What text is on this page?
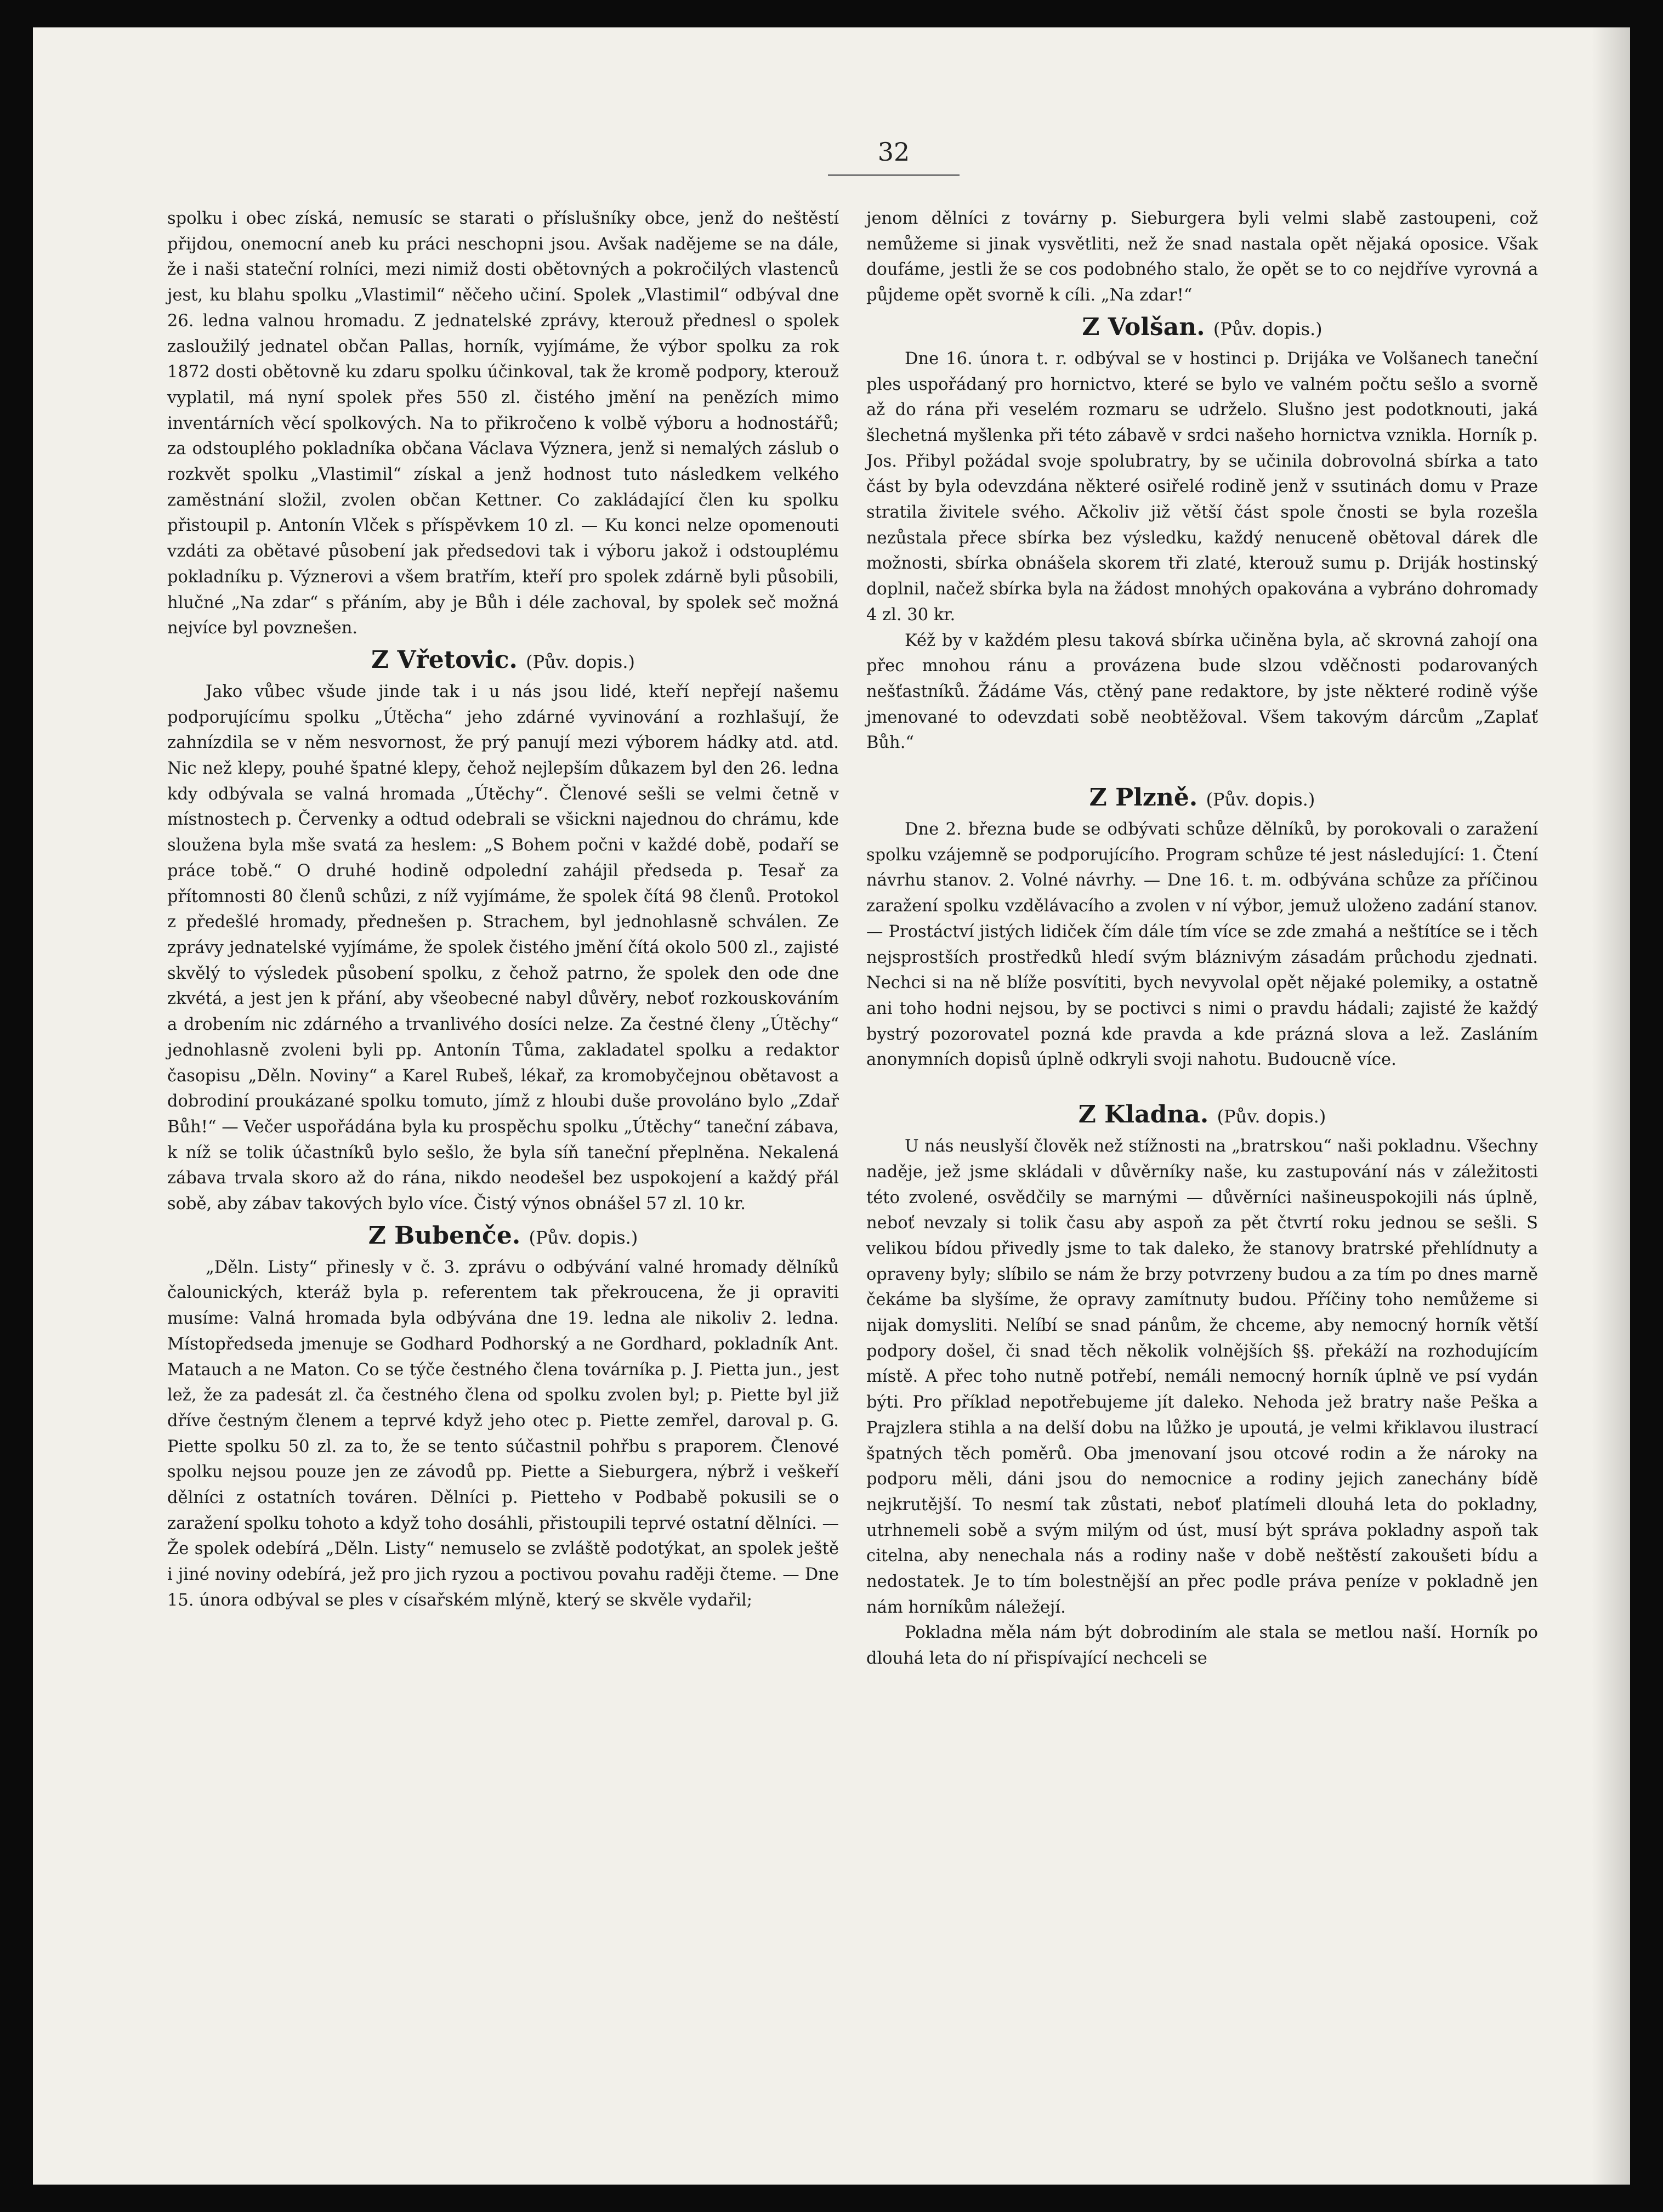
32

spolku i obec získá, nemusíc se starati o příslušníky obce, jenž do neštěstí přijdou, onemocní aneb ku práci neschopni jsou. Avšak nadějeme se na dále, že i naši stateční rolníci, mezi nimiž dosti obětovných a pokročilých vlastenců jest, ku blahu spolku „Vlastimil“ něčeho učiní. Spolek „Vlastimil“ odbýval dne 26. ledna valnou hromadu. Z jednatelské zprávy, kterouž přednesl o spolek zasloužilý jednatel občan Pallas, horník, vyjímáme, že výbor spolku za rok 1872 dosti obětovně ku zdaru spolku účinkoval, tak že kromě podpory, kterouž vyplatil, má nyní spolek přes 550 zl. čistého jmění na penězích mimo inventárních věcí spolkových. Na to přikročeno k volbě výboru a hodnostářů; za odstouplého pokladníka občana Václava Význera, jenž si nemalých záslub o rozkvět spolku „Vlastimil“ získal a jenž hodnost tuto následkem velkého zaměstnání složil, zvolen občan Kettner. Co zakládající člen ku spolku přistoupil p. Antonín Vlček s příspěvkem 10 zl. — Ku konci nelze opomenouti vzdáti za obětavé působení jak předsedovi tak i výboru jakož i odstouplému pokladníku p. Význerovi a všem bratřím, kteří pro spolek zdárně byli působili, hlučné „Na zdar“ s přáním, aby je Bůh i déle zachoval, by spolek seč možná nejvíce byl povznešen.

Z Vřetovic. (Pův. dopis.)

Jako vůbec všude jinde tak i u nás jsou lidé, kteří nepřejí našemu podporujícímu spolku „Útěcha“ jeho zdárné vyvinování a rozhlašují, že zahnízdila se v něm nesvornost, že prý panují mezi výborem hádky atd. atd. Nic než klepy, pouhé špatné klepy, čehož nejlepším důkazem byl den 26. ledna kdy odbývala se valná hromada „Útěchy“. Členové sešli se velmi četně v místnostech p. Červenky a odtud odebrali se všickni najednou do chrámu, kde sloužena byla mše svatá za heslem: „S Bohem počni v každé době, podaří se práce tobě.“ O druhé hodině odpolední zahájil předseda p. Tesař za přítomnosti 80 členů schůzi, z níž vyjímáme, že spolek čítá 98 členů. Protokol z předešlé hromady, přednešen p. Strachem, byl jednohlasně schválen. Ze zprávy jednatelské vyjímáme, že spolek čistého jmění čítá okolo 500 zl., zajisté skvělý to výsledek působení spolku, z čehož patrno, že spolek den ode dne zkvétá, a jest jen k přání, aby všeobecné nabyl důvěry, neboť rozkouskováním a drobením nic zdárného a trvanlivého dosíci nelze. Za čestné členy „Útěchy“ jednohlasně zvoleni byli pp. Antonín Tůma, zakladatel spolku a redaktor časopisu „Děln. Noviny“ a Karel Rubeš, lékař, za kromobyčejnou obětavost a dobrodiní proukázané spolku tomuto, jímž z hloubi duše provoláno bylo „Zdař Bůh!“ — Večer uspořádána byla ku prospěchu spolku „Útěchy“ taneční zábava, k níž se tolik účastníků bylo sešlo, že byla síň taneční přeplněna. Nekalená zábava trvala skoro až do rána, nikdo neodešel bez uspokojení a každý přál sobě, aby zábav takových bylo více. Čistý výnos obnášel 57 zl. 10 kr.

Z Bubenče. (Pův. dopis.)

„Děln. Listy“ přinesly v č. 3. zprávu o odbývání valné hromady dělníků čalounických, kteráž byla p. referentem tak překroucena, že ji opraviti musíme: Valná hromada byla odbývána dne 19. ledna ale nikoliv 2. ledna. Místopředseda jmenuje se Godhard Podhorský a ne Gordhard, pokladník Ant. Matauch a ne Maton. Co se týče čestného člena továrníka p. J. Pietta jun., jest lež, že za padesát zl. ča čestného člena od spolku zvolen byl; p. Piette byl již dříve čestným členem a teprvé když jeho otec p. Piette zemřel, daroval p. G. Piette spolku 50 zl. za to, že se tento súčastnil pohřbu s praporem. Členové spolku nejsou pouze jen ze závodů pp. Piette a Sieburgera, nýbrž i veškeří dělníci z ostatních továren. Dělníci p. Pietteho v Podbabě pokusili se o zaražení spolku tohoto a když toho dosáhli, přistoupili teprvé ostatní dělníci. — Že spolek odebírá „Děln. Listy“ nemuselo se zvláště podotýkat, an spolek ještě i jiné noviny odebírá, jež pro jich ryzou a poctivou povahu raději čteme. — Dne 15. února odbýval se ples v císařském mlýně, který se skvěle vydařil;

jenom dělníci z továrny p. Sieburgera byli velmi slabě zastoupeni, což nemůžeme si jinak vysvětliti, než že snad nastala opět nějaká oposice. Však doufáme, jestli že se cos podobného stalo, že opět se to co nejdříve vyrovná a půjdeme opět svorně k cíli. „Na zdar!“

Z Volšan. (Pův. dopis.)

Dne 16. února t. r. odbýval se v hostinci p. Drijáka ve Volšanech taneční ples uspořádaný pro hornictvo, které se bylo ve valném počtu sešlo a svorně až do rána při veselém rozmaru se udrželo. Slušno jest podotknouti, jaká šlechetná myšlenka při této zábavě v srdci našeho hornictva vznikla. Horník p. Jos. Přibyl požádal svoje spolubratry, by se učinila dobrovolná sbírka a tato část by byla odevzdána některé osiřelé rodině jenž v ssutinách domu v Praze stratila živitele svého. Ačkoliv již větší část spole čnosti se byla rozešla nezůstala přece sbírka bez výsledku, každý nenuceně obětoval dárek dle možnosti, sbírka obnášela skorem tři zlaté, kterouž sumu p. Driják hostinský doplnil, načež sbírka byla na žádost mnohých opakována a vybráno dohromady 4 zl. 30 kr.

Kéž by v každém plesu taková sbírka učiněna byla, ač skrovná zahojí ona přec mnohou ránu a provázena bude slzou vděčnosti podarovaných nešťastníků. Žádáme Vás, ctěný pane redaktore, by jste některé rodině výše jmenované to odevzdati sobě neobtěžoval. Všem takovým dárcům „Zaplať Bůh.“

Z Plzně. (Pův. dopis.)

Dne 2. března bude se odbývati schůze dělníků, by porokovali o zaražení spolku vzájemně se podporujícího. Program schůze té jest následující: 1. Čtení návrhu stanov. 2. Volné návrhy. — Dne 16. t. m. odbývána schůze za příčinou zaražení spolku vzdělávacího a zvolen v ní výbor, jemuž uloženo zadání stanov. — Prostáctví jistých lidiček čím dále tím více se zde zmahá a neštítíce se i těch nejsprostších prostředků hledí svým bláznivým zásadám průchodu zjednati. Nechci si na ně blíže posvítiti, bych nevyvolal opět nějaké polemiky, a ostatně ani toho hodni nejsou, by se poctivci s nimi o pravdu hádali; zajisté že každý bystrý pozorovatel pozná kde pravda a kde prázná slova a lež. Zasláním anonymních dopisů úplně odkryli svoji nahotu. Budoucně více.

Z Kladna. (Pův. dopis.)

U nás neuslyší člověk než stížnosti na „bratrskou“ naši pokladnu. Všechny naděje, jež jsme skládali v důvěrníky naše, ku zastupování nás v záležitosti této zvolené, osvědčily se marnými — důvěrníci našineuspokojili nás úplně, neboť nevzaly si tolik času aby aspoň za pět čtvrtí roku jednou se sešli. S velikou bídou přivedly jsme to tak daleko, že stanovy bratrské přehlídnuty a opraveny byly; slíbilo se nám že brzy potvrzeny budou a za tím po dnes marně čekáme ba slyšíme, že opravy zamítnuty budou. Příčiny toho nemůžeme si nijak domysliti. Nelíbí se snad pánům, že chceme, aby nemocný horník větší podpory došel, či snad těch několik volnějších §§. překáží na rozhodujícím místě. A přec toho nutně potřebí, nemáli nemocný horník úplně ve psí vydán býti. Pro příklad nepotřebujeme jít daleko. Nehoda jež bratry naše Peška a Prajzlera stihla a na delší dobu na lůžko je upoutá, je velmi křiklavou ilustrací špatných těch poměrů. Oba jmenovaní jsou otcové rodin a že nároky na podporu měli, dáni jsou do nemocnice a rodiny jejich zanechány bídě nejkrutější. To nesmí tak zůstati, neboť platímeli dlouhá leta do pokladny, utrhnemeli sobě a svým milým od úst, musí být správa pokladny aspoň tak citelna, aby nenechala nás a rodiny naše v době neštěstí zakoušeti bídu a nedostatek. Je to tím bolestnější an přec podle práva peníze v pokladně jen nám horníkům náležejí.

Pokladna měla nám být dobrodiním ale stala se metlou naší. Horník po dlouhá leta do ní přispívající nechceli se
